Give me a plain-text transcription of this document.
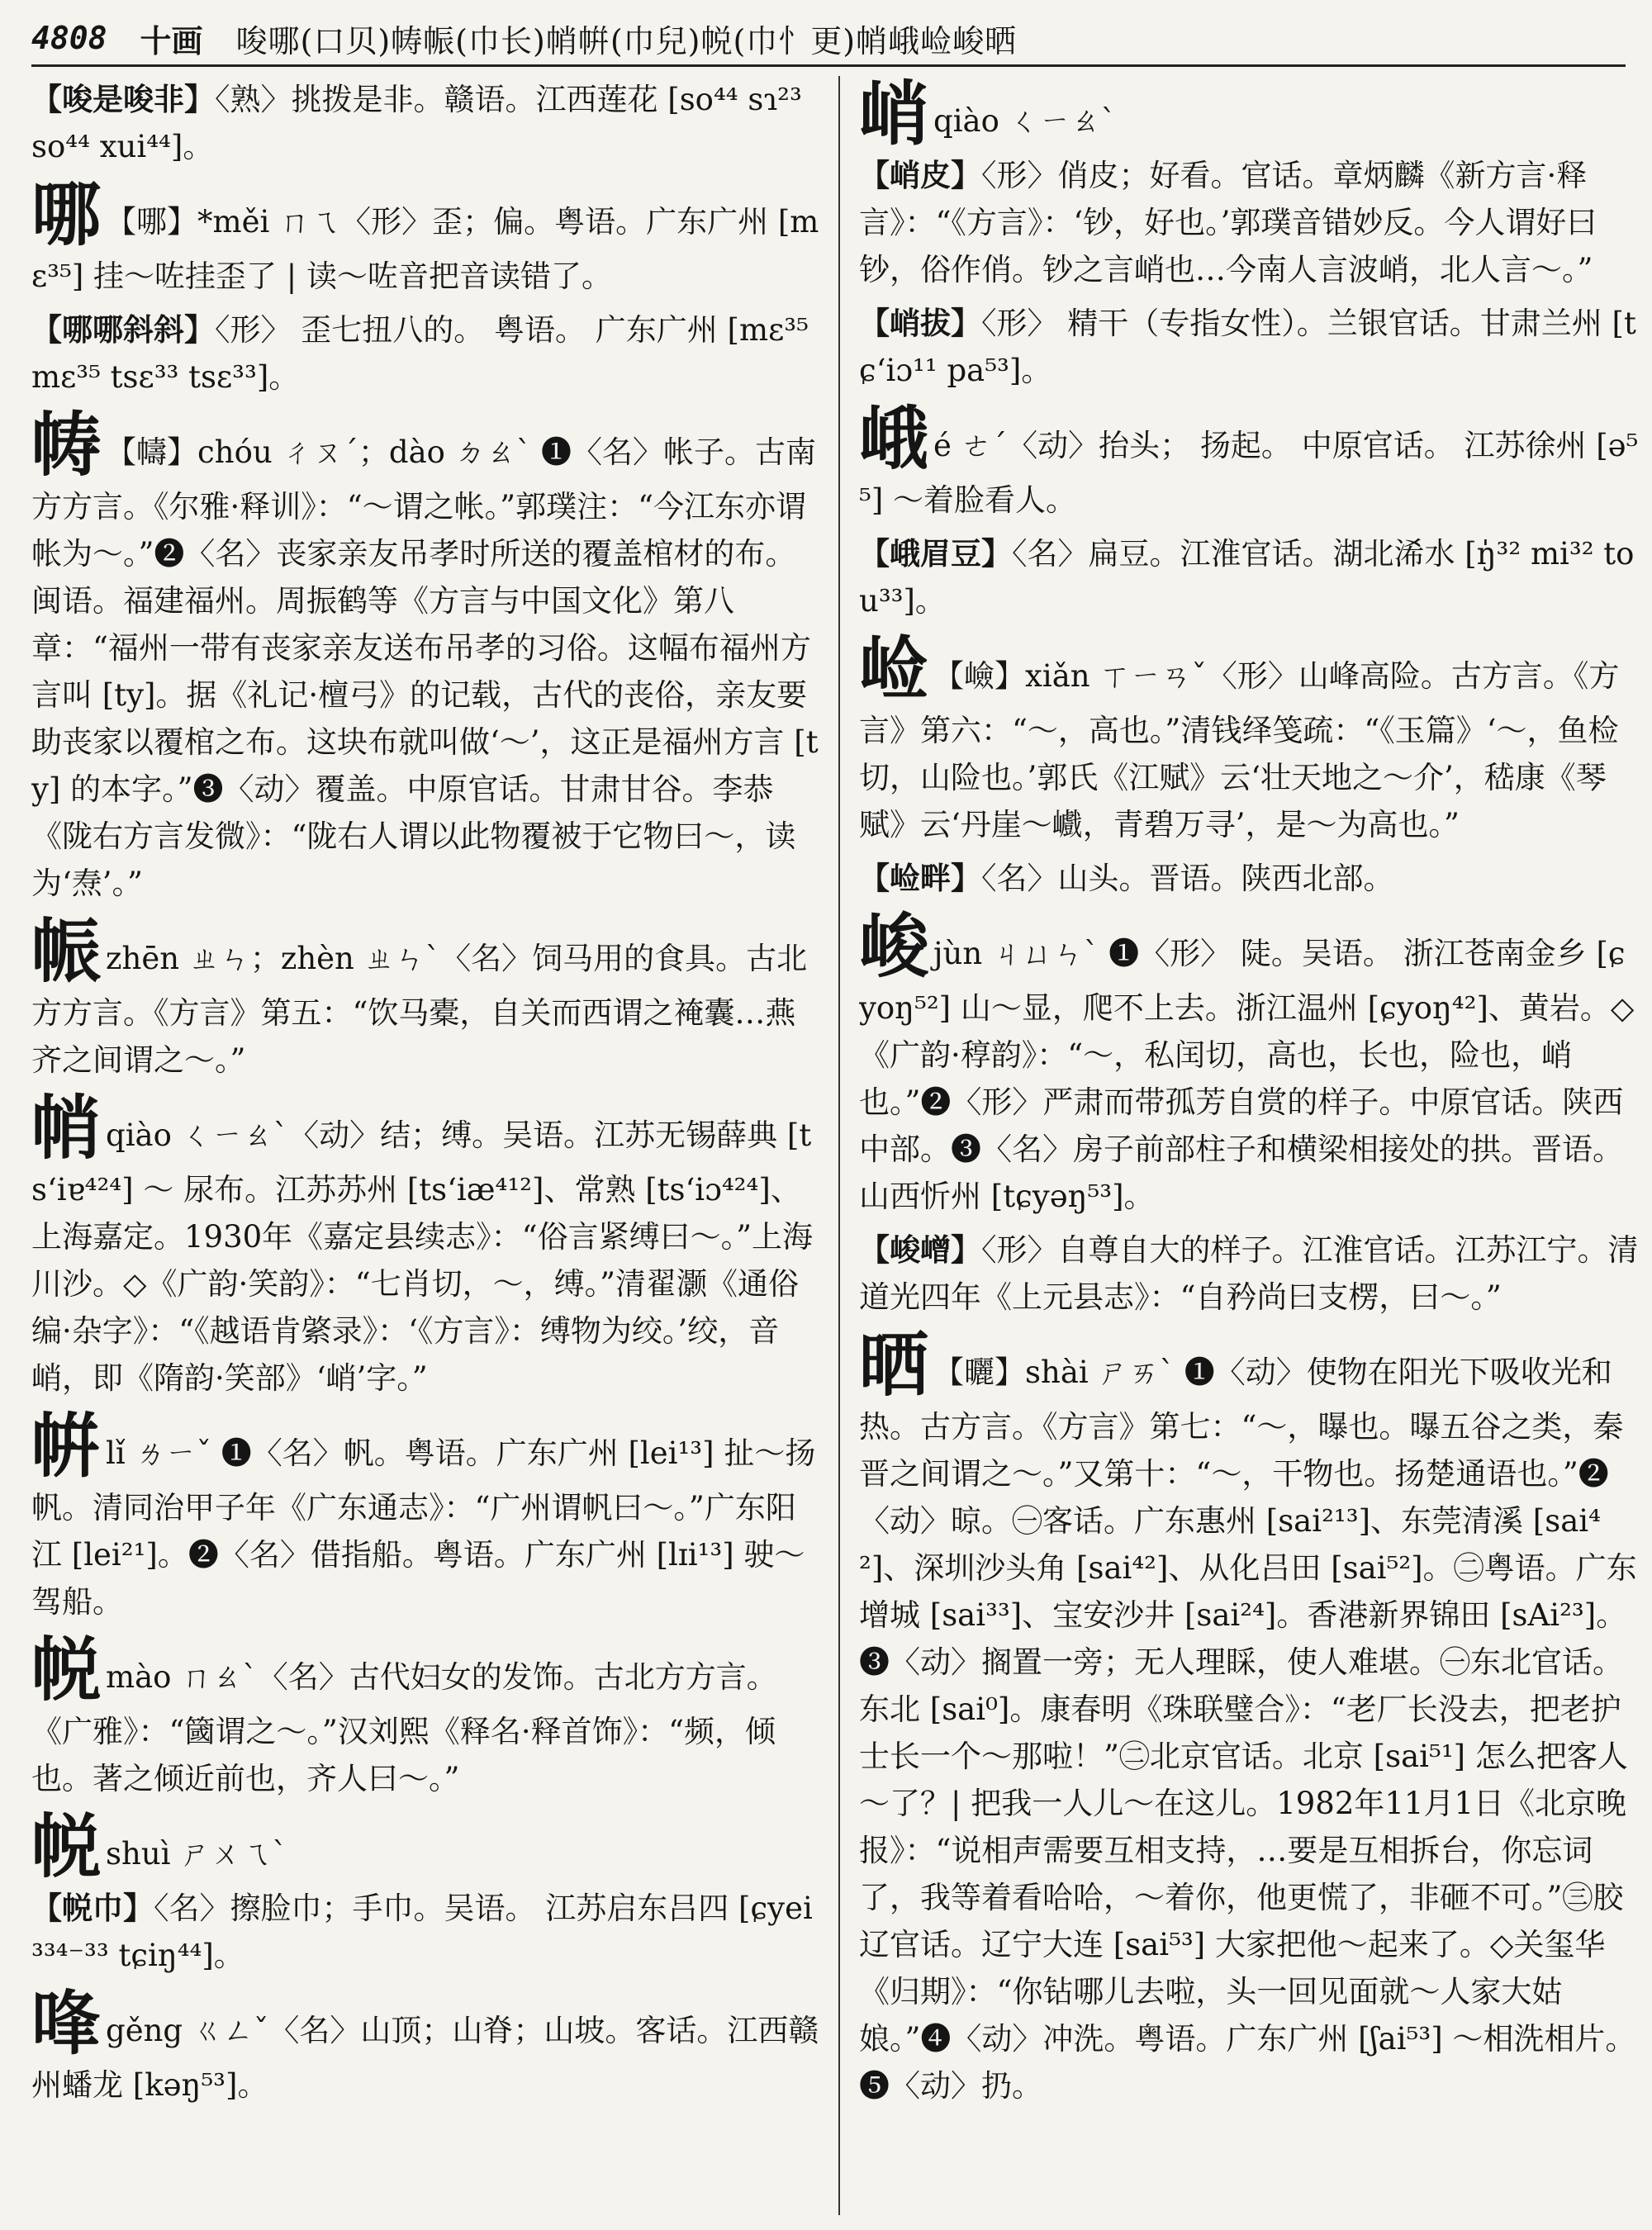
4808 十画 唆哪(口贝)帱帪(巾长)帩帲(巾兒)帨(巾忄更)帩峨崄峻晒

【唆是唆非】〈熟〉挑拨是非。赣语。江西莲花 [so⁴⁴ sɿ²³ so⁴⁴ xui⁴⁴]。

哪 【哪】*měi ㄇㄟ〈形〉歪；偏。粤语。广东广州 [mɛ³⁵] 挂～咗挂歪了 | 读～咗音把音读错了。

【哪哪斜斜】〈形〉 歪七扭八的。 粤语。 广东广州 [mɛ³⁵ mɛ³⁵ tsɛ³³ tsɛ³³]。

帱 【幬】chóu ㄔㄡˊ；dào ㄉㄠˋ ❶〈名〉帐子。古南方方言。《尔雅·释训》：“～谓之帐。”郭璞注：“今江东亦谓帐为～。”❷〈名〉丧家亲友吊孝时所送的覆盖棺材的布。闽语。福建福州。周振鹤等《方言与中国文化》第八章：“福州一带有丧家亲友送布吊孝的习俗。这幅布福州方言叫 [ty]。据《礼记·檀弓》的记载，古代的丧俗，亲友要助丧家以覆棺之布。这块布就叫做‘～’，这正是福州方言 [ty] 的本字。”❸〈动〉覆盖。中原官话。甘肃甘谷。李恭《陇右方言发微》：“陇右人谓以此物覆被于它物曰～，读为‘焘’。”

帪zhēn ㄓㄣ；zhèn ㄓㄣˋ〈名〉饲马用的食具。古北方方言。《方言》第五：“饮马橐，自关而西谓之裺囊…燕齐之间谓之～。”

帩qiào ㄑㄧㄠˋ〈动〉结；缚。吴语。江苏无锡薛典 [ts‘iɐ⁴²⁴] ～ 尿布。江苏苏州 [ts‘iæ⁴¹²]、常熟 [ts‘iɔ⁴²⁴]、上海嘉定。1930年《嘉定县续志》：“俗言紧缚曰～。”上海川沙。◇《广韵·笑韵》：“七肖切，～，缚。”清翟灏《通俗编·杂字》：“《越语肯綮录》：‘《方言》：缚物为绞。’绞，音峭，即《隋韵·笑部》‘峭’字。”

帲lǐ ㄌㄧˇ ❶〈名〉帆。粤语。广东广州 [lei¹³] 扯～扬帆。清同治甲子年《广东通志》：“广州谓帆曰～。”广东阳江 [lei²¹]。❷〈名〉借指船。粤语。广东广州 [lɪi¹³] 驶～驾船。

帨mào ㄇㄠˋ〈名〉古代妇女的发饰。古北方方言。《广雅》：“簂谓之～。”汉刘熙《释名·释首饰》：“频，倾也。著之倾近前也，齐人曰～。”

帨shuì ㄕㄨㄟˋ

【帨巾】〈名〉擦脸巾；手巾。吴语。 江苏启东吕四 [ɕyei³³⁴⁻³³ tɕiŋ⁴⁴]。

㖓gěng ㄍㄥˇ〈名〉山顶；山脊；山坡。客话。江西赣州蟠龙 [kəŋ⁵³]。

峭qiào ㄑㄧㄠˋ

【峭皮】〈形〉俏皮；好看。官话。章炳麟《新方言·释言》：“《方言》：‘钞，好也。’郭璞音错妙反。今人谓好曰钞，俗作俏。钞之言峭也…今南人言波峭，北人言～。”

【峭拔】〈形〉 精干（专指女性）。兰银官话。甘肃兰州 [tɕ‘iɔ¹¹ pa⁵³]。

峨é ㄜˊ〈动〉抬头； 扬起。 中原官话。 江苏徐州 [ə⁵⁵] ～着脸看人。

【峨眉豆】〈名〉扁豆。江淮官话。湖北浠水 [ŋ̍³² mi³² tou³³]。

崄 【嶮】xiǎn ㄒㄧㄢˇ〈形〉山峰高险。古方言。《方言》第六：“～，高也。”清钱绎笺疏：“《玉篇》‘～，鱼检切，山险也。’郭氏《江赋》云‘壮天地之～介’，嵇康《琴赋》云‘丹崖～巇，青碧万寻’，是～为高也。”

【崄畔】〈名〉山头。晋语。陕西北部。

峻jùn ㄐㄩㄣˋ ❶〈形〉 陡。吴语。 浙江苍南金乡 [ɕyoŋ⁵²] 山～显，爬不上去。浙江温州 [ɕyoŋ⁴²]、黄岩。◇《广韵·稕韵》：“～，私闰切，高也，长也，险也，峭也。”❷〈形〉严肃而带孤芳自赏的样子。中原官话。陕西中部。❸〈名〉房子前部柱子和横梁相接处的拱。晋语。山西忻州 [tɕyəŋ⁵³]。

【峻嶒】〈形〉自尊自大的样子。江淮官话。江苏江宁。清道光四年《上元县志》：“自矜尚曰支楞，曰～。”

晒 【曬】shài ㄕㄞˋ ❶〈动〉使物在阳光下吸收光和热。古方言。《方言》第七：“～，曝也。曝五谷之类，秦晋之间谓之～。”又第十：“～，干物也。扬楚通语也。”❷〈动〉晾。㊀客话。广东惠州 [sai²¹³]、东莞清溪 [sai⁴²]、深圳沙头角 [sai⁴²]、从化吕田 [sai⁵²]。㊁粤语。广东增城 [sai³³]、宝安沙井 [sai²⁴]。香港新界锦田 [sAi²³]。❸〈动〉搁置一旁；无人理睬，使人难堪。㊀东北官话。东北 [sai⁰]。康春明《珠联璧合》：“老厂长没去，把老护士长一个～那啦！”㊁北京官话。北京 [sai⁵¹] 怎么把客人～了？| 把我一人儿～在这儿。1982年11月1日《北京晚报》：“说相声需要互相支持，…要是互相拆台，你忘词了，我等着看哈哈，～着你，他更慌了，非砸不可。”㊂胶辽官话。辽宁大连 [sai⁵³] 大家把他～起来了。◇关玺华《归期》：“你钻哪儿去啦，头一回见面就～人家大姑娘。”❹〈动〉冲洗。粤语。广东广州 [ʃai⁵³] ～相洗相片。❺〈动〉扔。
